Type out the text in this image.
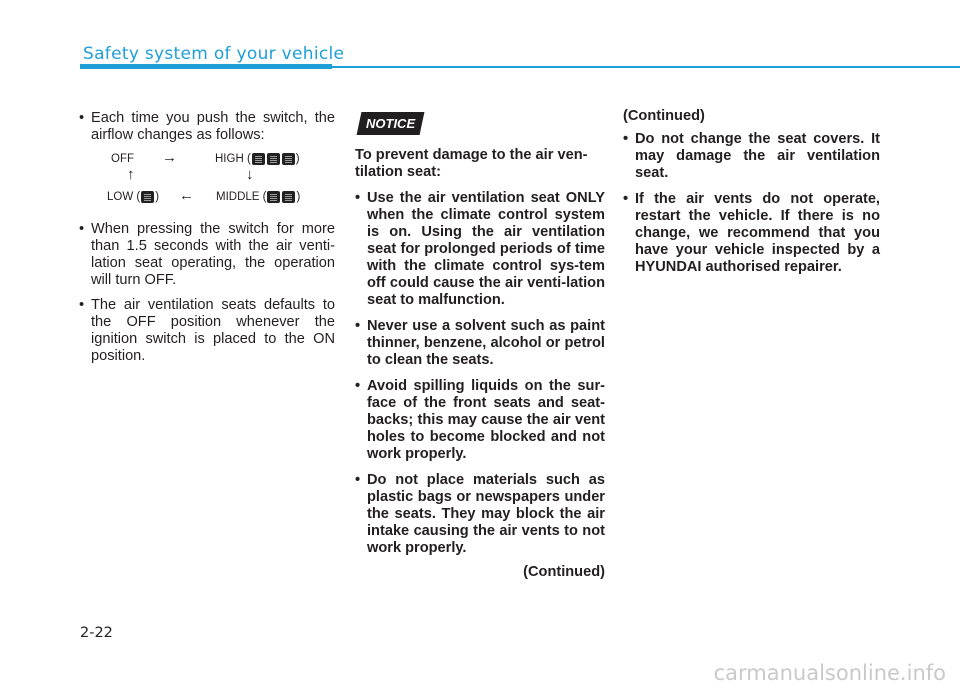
Safety system of your vehicle
• Each time you push the switch, the airflow changes as follows:
OFF →	HIGH (	)
↑	↓
LOW ( ) ← MIDDLE (	)
• When pressing the switch for more than 1.5 seconds with the air venti-lation seat operating, the operation will turn OFF.
• The air ventilation seats defaults to the OFF position whenever the ignition switch is placed to the ON position.
NOTICE
To prevent damage to the air ven-tilation seat:
• Use the air ventilation seat ONLY when the climate control system is on. Using the air ventilation seat for prolonged periods of time with the climate control sys-tem off could cause the air venti-lation seat to malfunction.
• Never use a solvent such as paint thinner, benzene, alcohol or petrol to clean the seats.
• Avoid spilling liquids on the sur-face of the front seats and seat-backs; this may cause the air vent holes to become blocked and not work properly.
• Do not place materials such as plastic bags or newspapers under the seats. They may block the air intake causing the air vents to not work properly.
(Continued)
(Continued)
• Do not change the seat covers. It may damage the air ventilation seat.
• If the air vents do not operate, restart the vehicle. If there is no change, we recommend that you have your vehicle inspected by a HYUNDAI authorised repairer.
2-22
carmanualsonline.info
